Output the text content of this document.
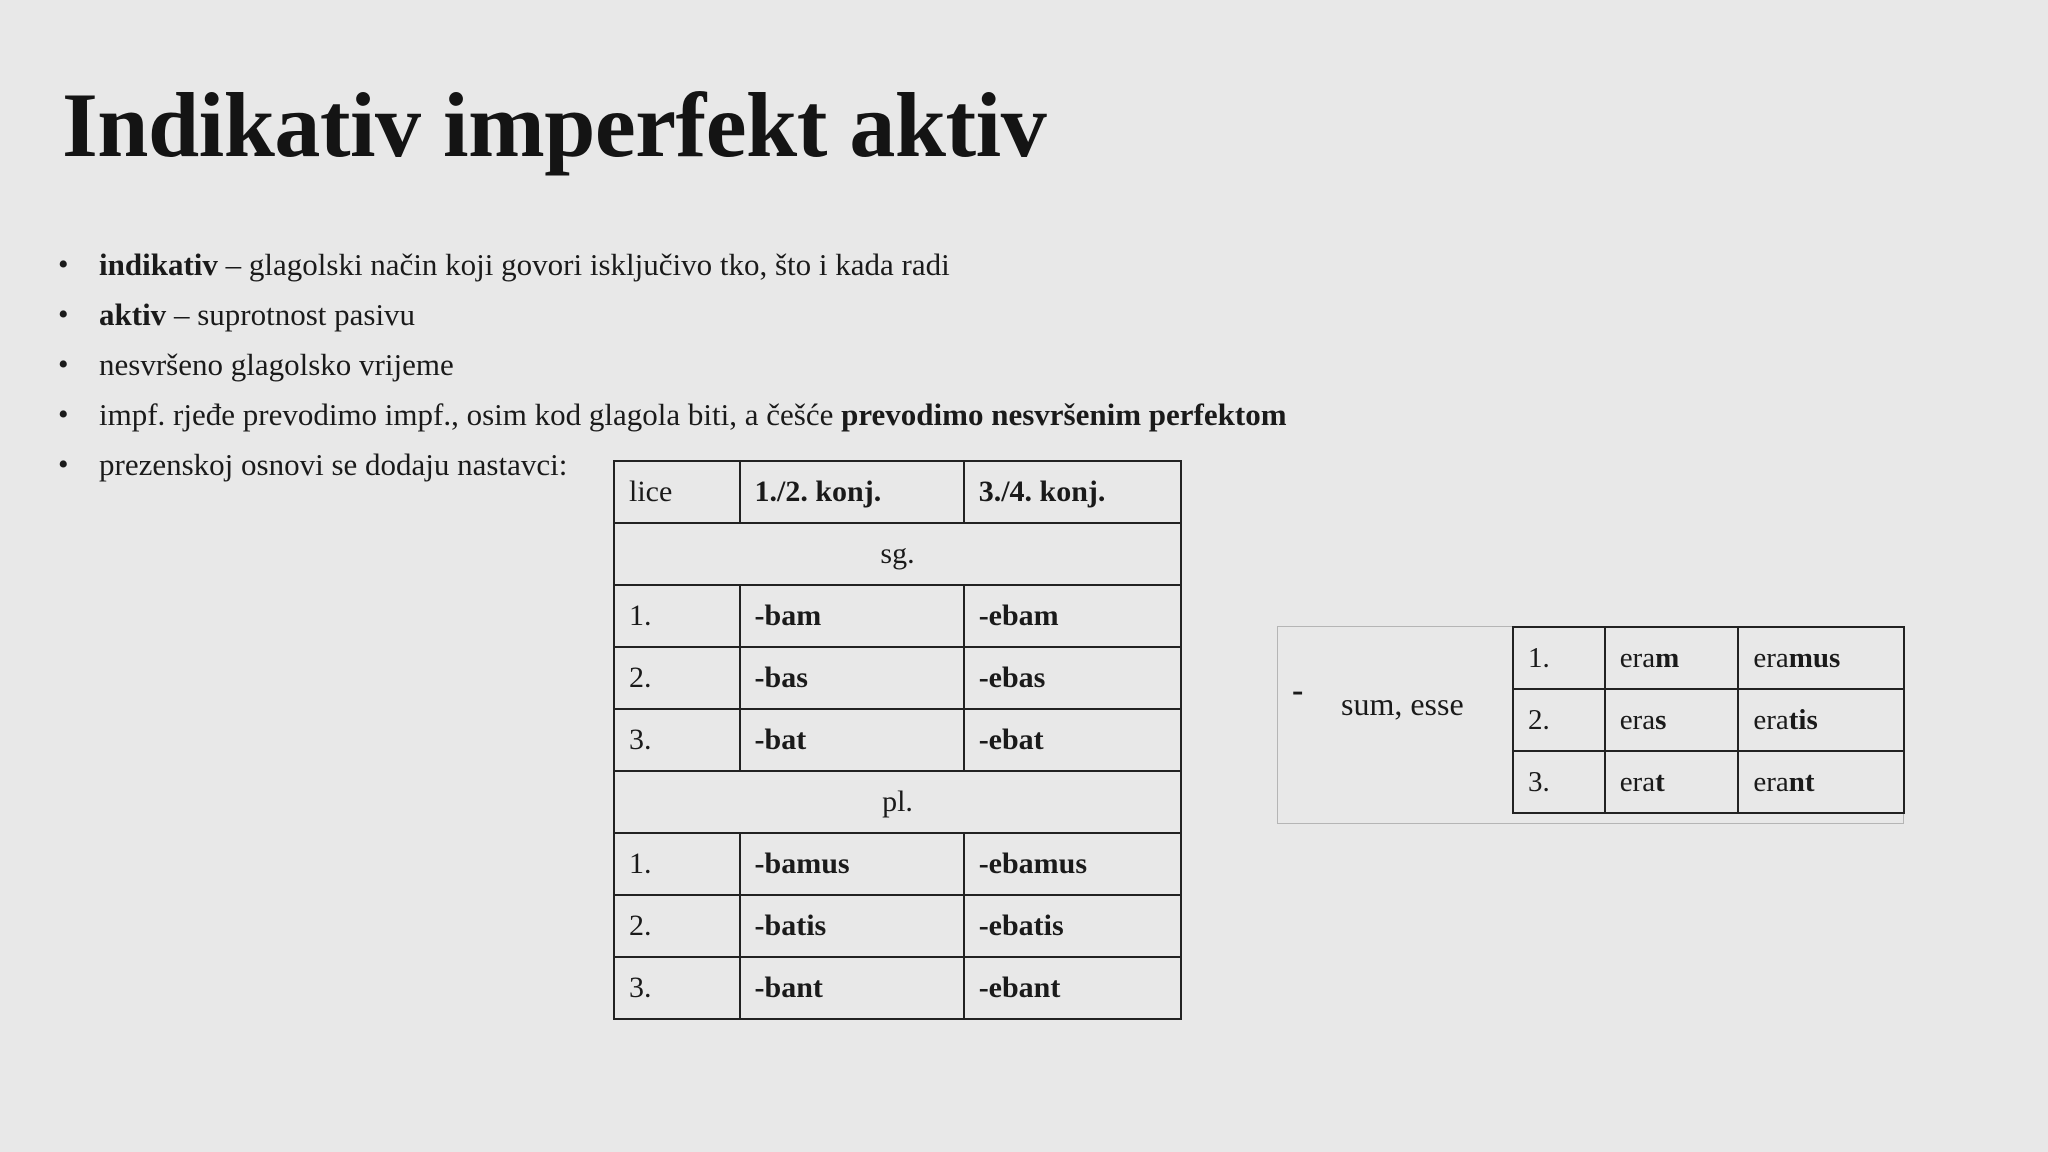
Indikativ imperfekt aktiv
• indikativ – glagolski način koji govori isključivo tko, što i kada radi
• aktiv – suprotnost pasivu
• nesvršeno glagolsko vrijeme
• impf. rjeđe prevodimo impf., osim kod glagola biti, a češće prevodimo nesvršenim perfektom
• prezenskoj osnovi se dodaju nastavci:
lice	1./2. konj.	3./4. konj.
sg.		
1.	-bam	-ebam
2.	-bas	-ebas
3.	-bat	-ebat
pl.		
1.	-bamus	-ebamus
2.	-batis	-ebatis
3.	-bant	-ebant
- sum, esse
1.	eram	eramus
2.	eras	eratis
3.	erat	erant
